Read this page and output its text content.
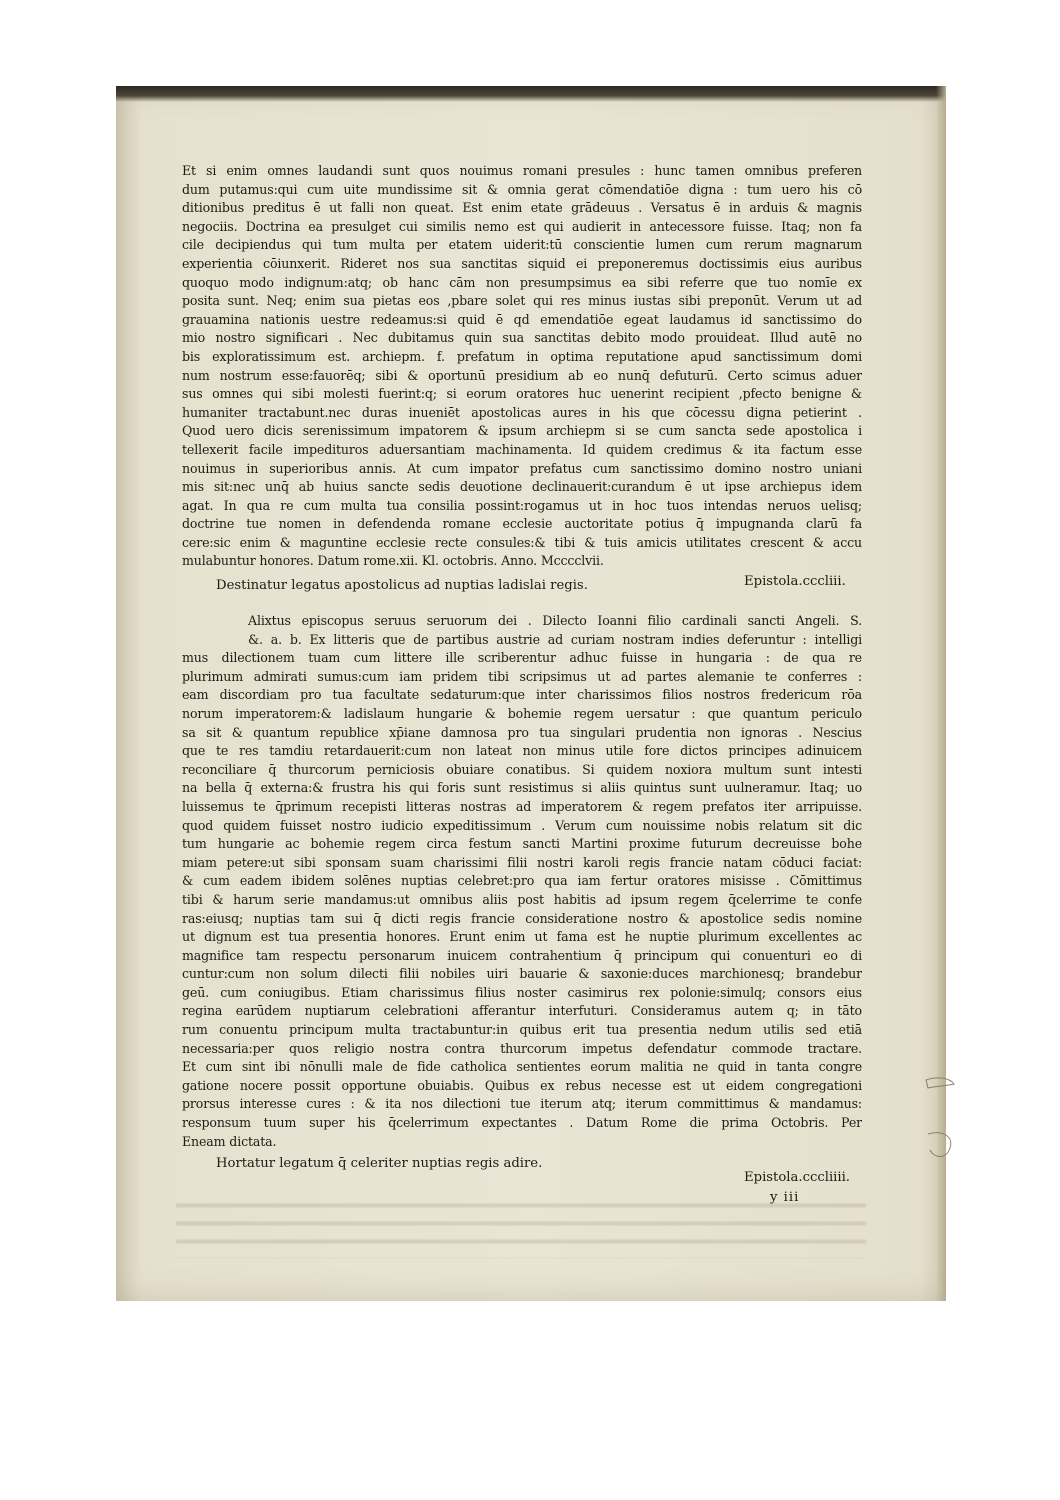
Et si enim omnes laudandi sunt quos nouimus romani presules : hunc tamen omnibus preferen
dum putamus:qui cum uite mundissime sit & omnia gerat cōmendatiōe digna : tum uero his cō
ditionibus preditus ē ut falli non queat. Est enim etate grādeuus . Versatus ē in arduis & magnis
negociis. Doctrina ea presulget cui similis nemo est qui audierit in antecessore fuisse. Itaq; non fa
cile decipiendus qui tum multa per etatem uiderit:tū conscientie lumen cum rerum magnarum
experientia cōiunxerit. Rideret nos sua sanctitas siquid ei preponeremus doctissimis eius auribus
quoquo modo indignum:atq; ob hanc cām non presumpsimus ea sibi referre que tuo nomīe ex
posita sunt. Neq; enim sua pietas eos ,pbare solet qui res minus iustas sibi preponūt. Verum ut ad
grauamina nationis uestre redeamus:si quid ē qd emendatiōe egeat laudamus id sanctissimo do
mio nostro significari . Nec dubitamus quin sua sanctitas debito modo prouideat. Illud autē no
bis exploratissimum est. archiepm. f. prefatum in optima reputatione apud sanctissimum domi
num nostrum esse:fauorēq; sibi & oportunū presidium ab eo nunq̄ defuturū. Certo scimus aduer
sus omnes qui sibi molesti fuerint:q; si eorum oratores huc uenerint recipient ,pfecto benigne &
humaniter tractabunt.nec duras inueniēt apostolicas aures in his que cōcessu digna petierint .
Quod uero dicis serenissimum impatorem & ipsum archiepm si se cum sancta sede apostolica i
tellexerit facile impedituros aduersantiam machinamenta. Id quidem credimus & ita factum esse
nouimus in superioribus annis. At cum impator prefatus cum sanctissimo domino nostro uniani
mis sit:nec unq̄ ab huius sancte sedis deuotione declinauerit:curandum ē ut ipse archiepus idem
agat. In qua re cum multa tua consilia possint:rogamus ut in hoc tuos intendas neruos uelisq;
doctrine tue nomen in defendenda romane ecclesie auctoritate potius q̄ impugnanda clarū fa
cere:sic enim & maguntine ecclesie recte consules:& tibi & tuis amicis utilitates crescent & accu
mulabuntur honores. Datum rome.xii. Kl. octobris. Anno. Mcccclvii.
Destinatur legatus apostolicus ad nuptias ladislai regis.	Epistola.cccliii.
Alixtus episcopus seruus seruorum dei . Dilecto Ioanni filio cardinali sancti Angeli. S.
&. a. b. Ex litteris que de partibus austrie ad curiam nostram indies deferuntur : intelligi
mus dilectionem tuam cum littere ille scriberentur adhuc fuisse in hungaria : de qua re
plurimum admirati sumus:cum iam pridem tibi scripsimus ut ad partes alemanie te conferres :
eam discordiam pro tua facultate sedaturum:que inter charissimos filios nostros fredericum rōa
norum imperatorem:& ladislaum hungarie & bohemie regem uersatur : que quantum periculo
sa sit & quantum republice xp̄iane damnosa pro tua singulari prudentia non ignoras . Nescius
que te res tamdiu retardauerit:cum non lateat non minus utile fore dictos principes adinuicem
reconciliare q̄ thurcorum perniciosis obuiare conatibus. Si quidem noxiora multum sunt intesti
na bella q̄ externa:& frustra his qui foris sunt resistimus si aliis quintus sunt uulneramur. Itaq; uo
luissemus te q̄primum recepisti litteras nostras ad imperatorem & regem prefatos iter arripuisse.
quod quidem fuisset nostro iudicio expeditissimum . Verum cum nouissime nobis relatum sit dic
tum hungarie ac bohemie regem circa festum sancti Martini proxime futurum decreuisse bohe
miam petere:ut sibi sponsam suam charissimi filii nostri karoli regis francie natam cōduci faciat:
& cum eadem ibidem solēnes nuptias celebret:pro qua iam fertur oratores misisse . Cōmittimus
tibi & harum serie mandamus:ut omnibus aliis post habitis ad ipsum regem q̄celerrime te confe
ras:eiusq; nuptias tam sui q̄ dicti regis francie consideratione nostro & apostolice sedis nomine
ut dignum est tua presentia honores. Erunt enim ut fama est he nuptie plurimum excellentes ac
magnifice tam respectu personarum inuicem contrahentium q̄ principum qui conuenturi eo di
cuntur:cum non solum dilecti filii nobiles uiri bauarie & saxonie:duces marchionesq; brandebur
geū. cum coniugibus. Etiam charissimus filius noster casimirus rex polonie:simulq; consors eius
regina earūdem nuptiarum celebrationi afferantur interfuturi. Consideramus autem q; in tāto
rum conuentu principum multa tractabuntur:in quibus erit tua presentia nedum utilis sed etiā
necessaria:per quos religio nostra contra thurcorum impetus defendatur commode tractare.
Et cum sint ibi nōnulli male de fide catholica sentientes eorum malitia ne quid in tanta congre
gatione nocere possit opportune obuiabis. Quibus ex rebus necesse est ut eidem congregationi
prorsus interesse cures : & ita nos dilectioni tue iterum atq; iterum committimus & mandamus:
responsum tuum super his q̄celerrimum expectantes . Datum Rome die prima Octobris. Per
Eneam dictata.
Hortatur legatum q̄ celeriter nuptias regis adire.
Epistola.cccliiii.
y iii
